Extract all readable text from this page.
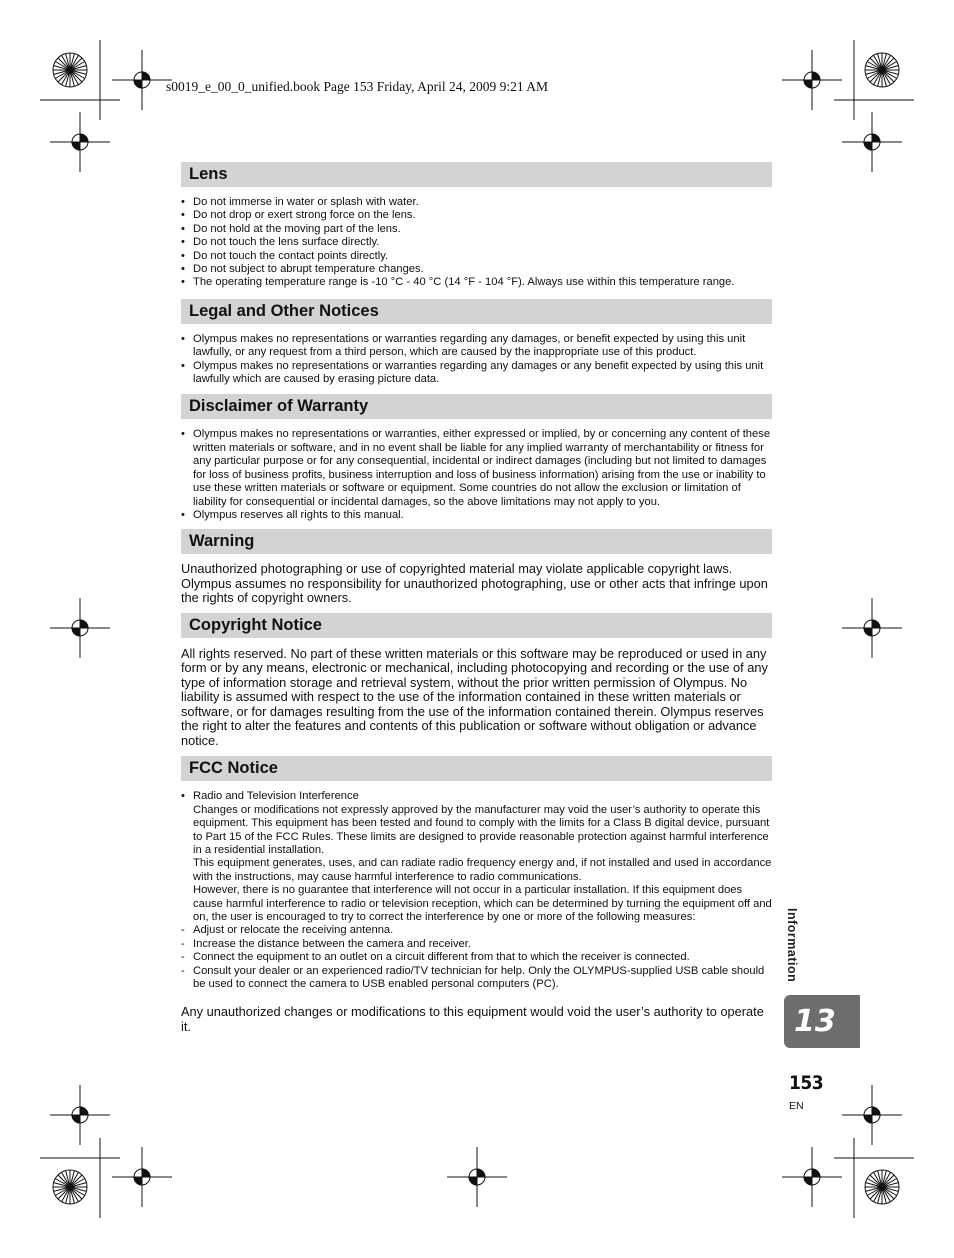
s0019_e_00_0_unified.book Page 153 Friday, April 24, 2009 9:21 AM
Lens
• Do not immerse in water or splash with water.
• Do not drop or exert strong force on the lens.
• Do not hold at the moving part of the lens.
• Do not touch the lens surface directly.
• Do not touch the contact points directly.
• Do not subject to abrupt temperature changes.
• The operating temperature range is -10 °C - 40 °C (14 °F - 104 °F). Always use within this temperature range.
Legal and Other Notices
• Olympus makes no representations or warranties regarding any damages, or benefit expected by using this unit lawfully, or any request from a third person, which are caused by the inappropriate use of this product.
• Olympus makes no representations or warranties regarding any damages or any benefit expected by using this unit lawfully which are caused by erasing picture data.
Disclaimer of Warranty
• Olympus makes no representations or warranties, either expressed or implied, by or concerning any content of these written materials or software, and in no event shall be liable for any implied warranty of merchantability or fitness for any particular purpose or for any consequential, incidental or indirect damages (including but not limited to damages for loss of business profits, business interruption and loss of business information) arising from the use or inability to use these written materials or software or equipment. Some countries do not allow the exclusion or limitation of liability for consequential or incidental damages, so the above limitations may not apply to you.
• Olympus reserves all rights to this manual.
Warning

Unauthorized photographing or use of copyrighted material may violate applicable copyright laws. Olympus assumes no responsibility for unauthorized photographing, use or other acts that infringe upon the rights of copyright owners.

Copyright Notice

All rights reserved. No part of these written materials or this software may be reproduced or used in any form or by any means, electronic or mechanical, including photocopying and recording or the use of any type of information storage and retrieval system, without the prior written permission of Olympus. No liability is assumed with respect to the use of the information contained in these written materials or software, or for damages resulting from the use of the information contained therein. Olympus reserves the right to alter the features and contents of this publication or software without obligation or advance notice.

FCC Notice
• Radio and Television Interference

Changes or modifications not expressly approved by the manufacturer may void the user’s authority to operate this equipment. This equipment has been tested and found to comply with the limits for a Class B digital device, pursuant to Part 15 of the FCC Rules. These limits are designed to provide reasonable protection against harmful interference in a residential installation.

This equipment generates, uses, and can radiate radio frequency energy and, if not installed and used in accordance with the instructions, may cause harmful interference to radio communications.

However, there is no guarantee that interference will not occur in a particular installation. If this equipment does cause harmful interference to radio or television reception, which can be determined by turning the equipment off and on, the user is encouraged to try to correct the interference by one or more of the following measures:

- Adjust or relocate the receiving antenna.
- Increase the distance between the camera and receiver.
- Connect the equipment to an outlet on a circuit different from that to which the receiver is connected.
- Consult your dealer or an experienced radio/TV technician for help. Only the OLYMPUS-supplied USB cable should be used to connect the camera to USB enabled personal computers (PC).

Any unauthorized changes or modifications to this equipment would void the user’s authority to operate it.

Information
13
153
EN
